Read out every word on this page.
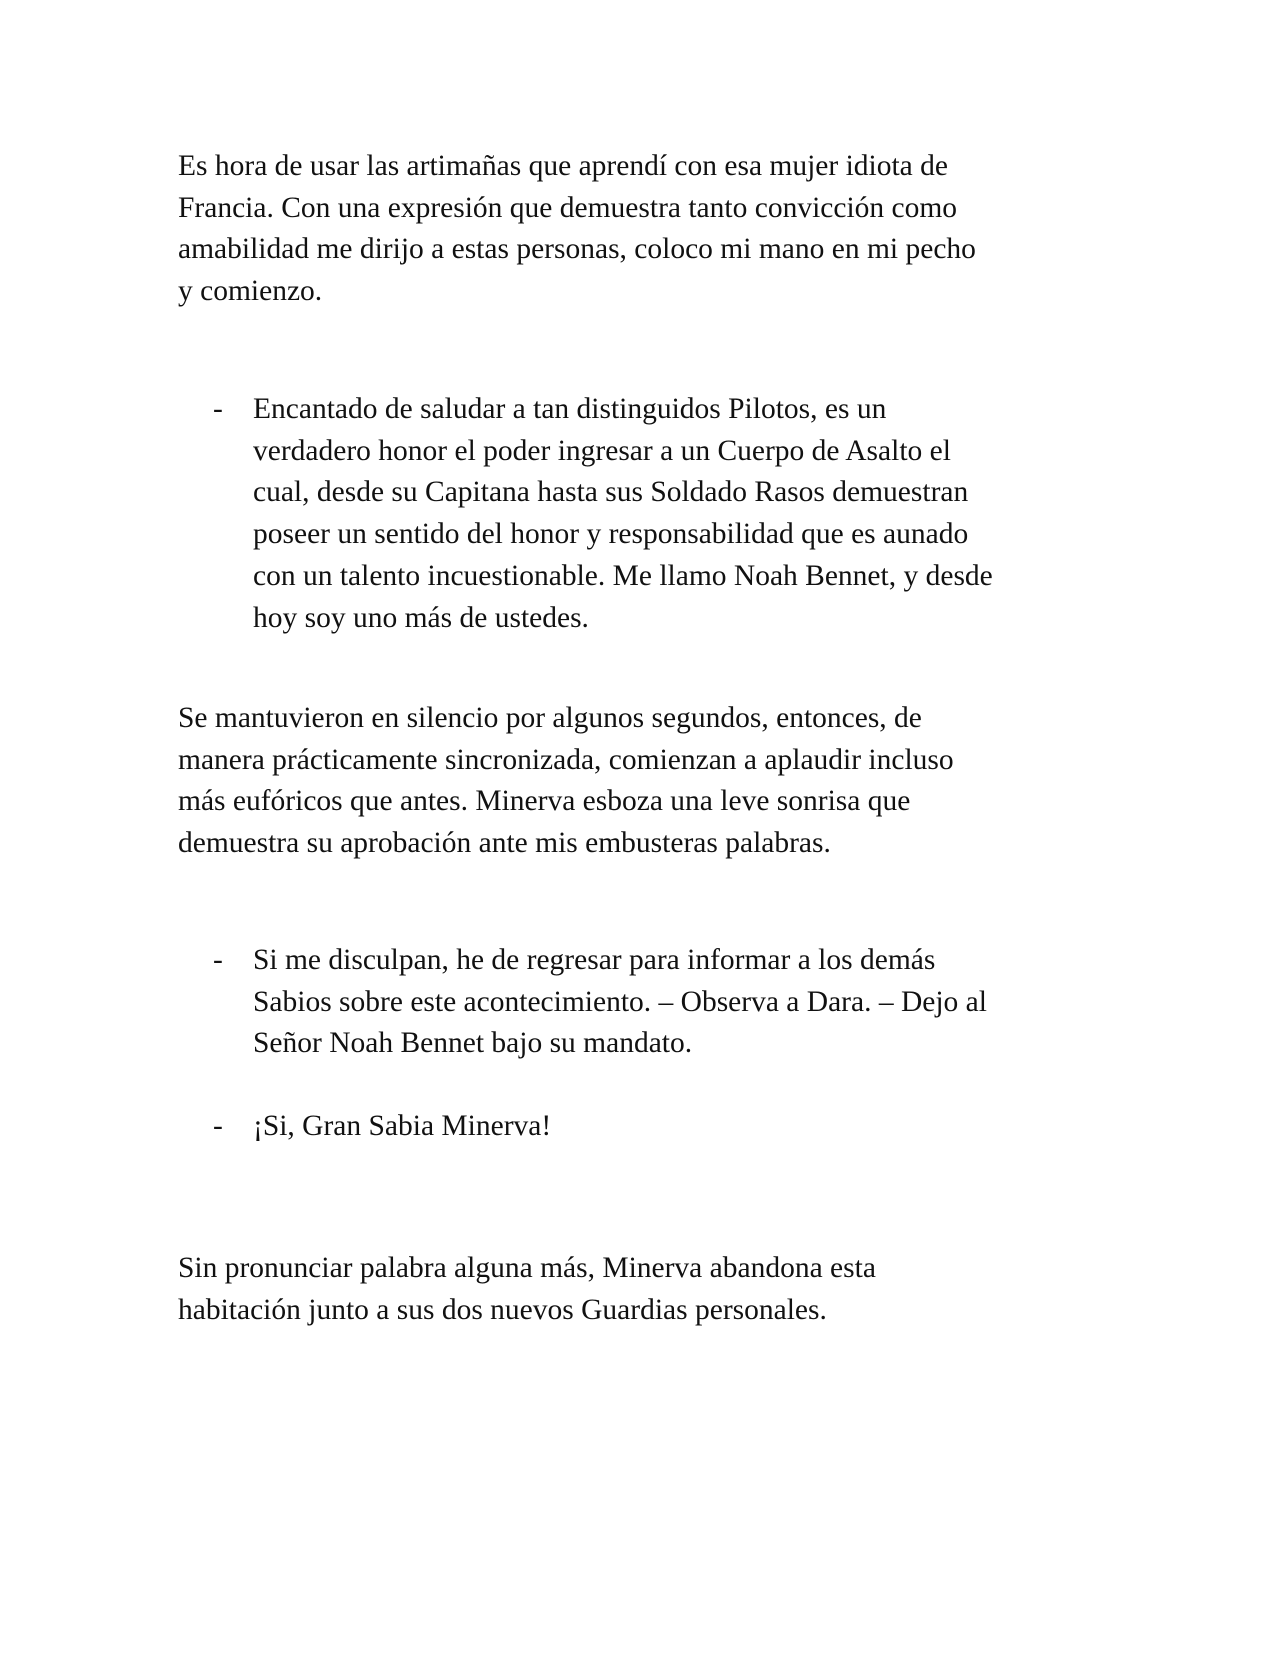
Es hora de usar las artimañas que aprendí con esa mujer idiota de
Francia. Con una expresión que demuestra tanto convicción como
amabilidad me dirijo a estas personas, coloco mi mano en mi pecho
y comienzo.
-	Encantado de saludar a tan distinguidos Pilotos, es un
verdadero honor el poder ingresar a un Cuerpo de Asalto el
cual, desde su Capitana hasta sus Soldado Rasos demuestran
poseer un sentido del honor y responsabilidad que es aunado
con un talento incuestionable. Me llamo Noah Bennet, y desde
hoy soy uno más de ustedes.
Se mantuvieron en silencio por algunos segundos, entonces, de
manera prácticamente sincronizada, comienzan a aplaudir incluso
más eufóricos que antes. Minerva esboza una leve sonrisa que
demuestra su aprobación ante mis embusteras palabras.
-	Si me disculpan, he de regresar para informar a los demás
Sabios sobre este acontecimiento. – Observa a Dara. – Dejo al
Señor Noah Bennet bajo su mandato.
-	¡Si, Gran Sabia Minerva!
Sin pronunciar palabra alguna más, Minerva abandona esta
habitación junto a sus dos nuevos Guardias personales.
